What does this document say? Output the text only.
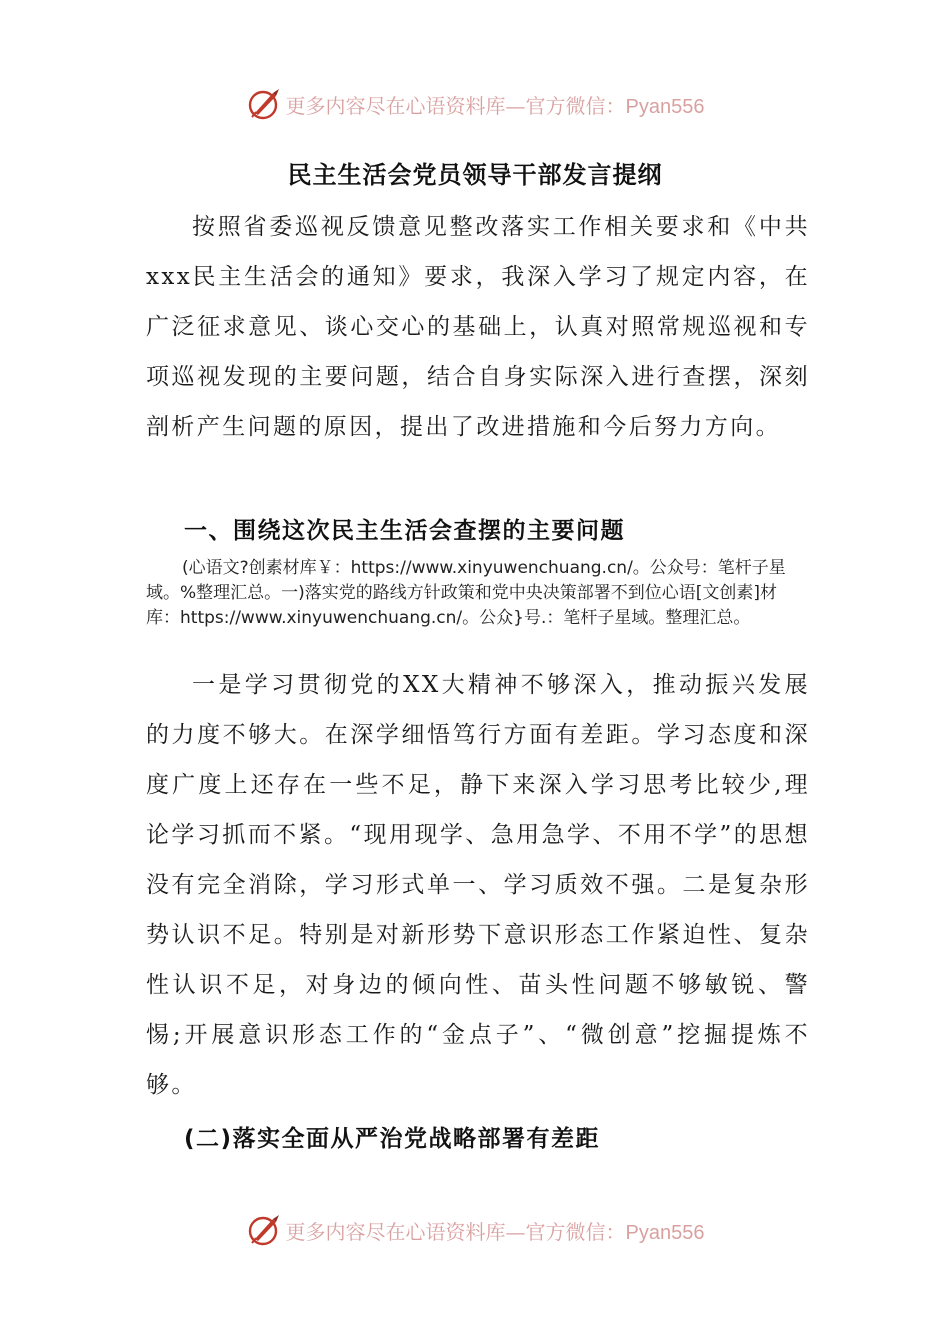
更多内容尽在心语资料库—官方微信：Pyan556
民主生活会党员领导干部发言提纲

按照省委巡视反馈意见整改落实工作相关要求和《中共xxx民主生活会的通知》要求，我深入学习了规定内容，在广泛征求意见、谈心交心的基础上，认真对照常规巡视和专项巡视发现的主要问题，结合自身实际深入进行查摆，深刻剖析产生问题的原因，提出了改进措施和今后努力方向。

一、围绕这次民主生活会查摆的主要问题

(心语文?创素材库￥：https://www.xinyuwenchuang.cn/。公众号：笔杆子星域。%整理汇总。一)落实党的路线方针政策和党中央决策部署不到位心语[文创素]材库：https://www.xinyuwenchuang.cn/。公众}号.：笔杆子星域。整理汇总。

一是学习贯彻党的XX大精神不够深入，推动振兴发展的力度不够大。在深学细悟笃行方面有差距。学习态度和深度广度上还存在一些不足，静下来深入学习思考比较少,理论学习抓而不紧。“现用现学、急用急学、不用不学”的思想没有完全消除，学习形式单一、学习质效不强。二是复杂形势认识不足。特别是对新形势下意识形态工作紧迫性、复杂性认识不足，对身边的倾向性、苗头性问题不够敏锐、警惕;开展意识形态工作的“金点子”、“微创意”挖掘提炼不够。

(二)落实全面从严治党战略部署有差距
更多内容尽在心语资料库—官方微信：Pyan556
